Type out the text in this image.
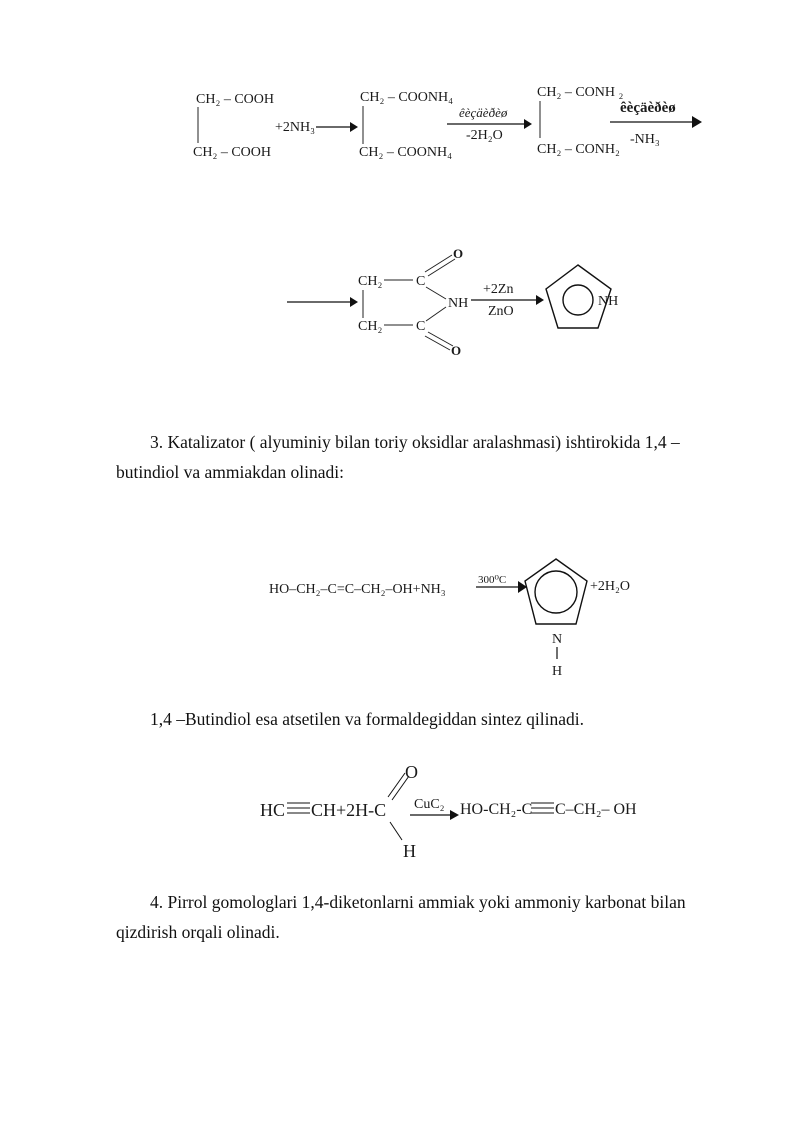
CH₂ – COOH
CH₂ – COOH
+2NH₃
CH₂ – COONH₄
CH₂ – COONH₄
êèçäèðèø
-2H₂O
CH₂ – CONH ₂
CH₂ – CONH₂
êèçäèðèø
-NH₃
CH₂
CH₂
C
C
O
O
NH
+2Zn
ZnO
NH
HO–CH₂–C=C–CH₂–OH+NH₃
300⁰C
N
H
+2H₂O
HC CH+2H-C
O
H
CuC₂ HO-CH₂-C C–CH₂– OH
3. Katalizator ( alyuminiy bilan toriy oksidlar aralashmasi) ishtirokida 1,4 –
butindiol va ammiakdan olinadi:
1,4 –Butindiol esa atsetilen va formaldegiddan sintez qilinadi.
4. Pirrol gomologlari 1,4-diketonlarni ammiak yoki ammoniy karbonat bilan
qizdirish orqali olinadi.
